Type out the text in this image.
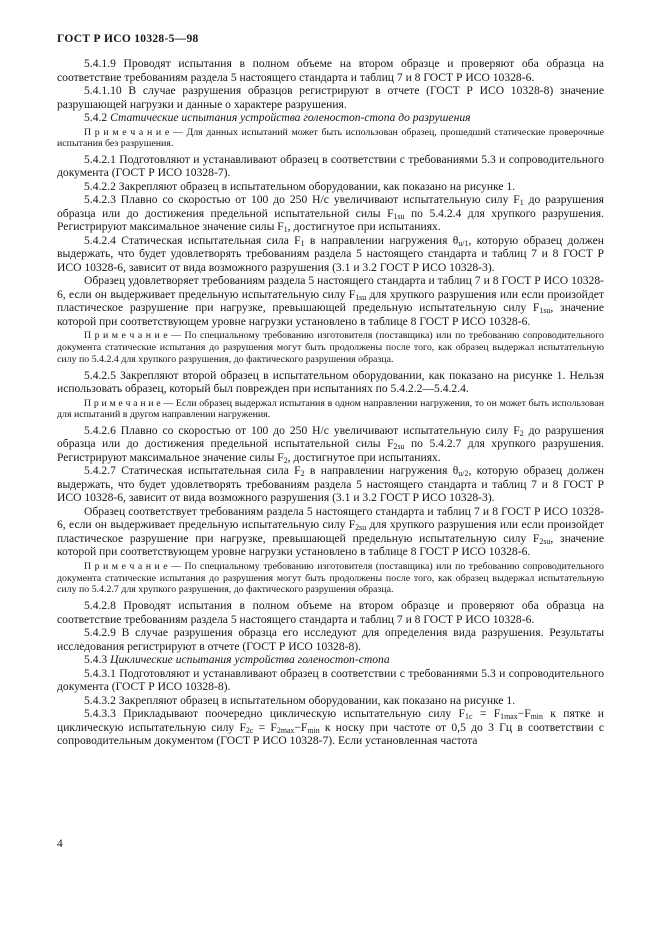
ГОСТ Р ИСО 10328-5—98

5.4.1.9 Проводят испытания в полном объеме на втором образце и проверяют оба образца на соответствие требованиям раздела 5 настоящего стандарта и таблиц 7 и 8 ГОСТ Р ИСО 10328-6.

5.4.1.10 В случае разрушения образцов регистрируют в отчете (ГОСТ Р ИСО 10328-8) значение разрушающей нагрузки и данные о характере разрушения.

5.4.2 Статические испытания устройства голеностоп-стопа до разрушения

П р и м е ч а н и е — Для данных испытаний может быть использован образец, прошедший статические проверочные испытания без разрушения.

5.4.2.1 Подготовляют и устанавливают образец в соответствии с требованиями 5.3 и сопроводительного документа (ГОСТ Р ИСО 10328-7).

5.4.2.2 Закрепляют образец в испытательном оборудовании, как показано на рисунке 1.

5.4.2.3 Плавно со скоростью от 100 до 250 Н/с увеличивают испытательную силу $F_1$ до разрушения образца или до достижения предельной испытательной силы $F_{1su}$ по 5.4.2.4 для хрупкого разрушения. Регистрируют максимальное значение силы $F_1$, достигнутое при испытаниях.

5.4.2.4 Статическая испытательная сила $F_1$ в направлении нагружения $\theta_{u/1}$, которую образец должен выдержать, что будет удовлетворять требованиям раздела 5 настоящего стандарта и таблиц 7 и 8 ГОСТ Р ИСО 10328-6, зависит от вида возможного разрушения (3.1 и 3.2 ГОСТ Р ИСО 10328-3).

Образец удовлетворяет требованиям раздела 5 настоящего стандарта и таблиц 7 и 8 ГОСТ Р ИСО 10328-6, если он выдерживает предельную испытательную силу $F_{1su}$ для хрупкого разрушения или если произойдет пластическое разрушение при нагрузке, превышающей предельную испытательную силу $F_{1su}$, значение которой при соответствующем уровне нагрузки установлено в таблице 8 ГОСТ Р ИСО 10328-6.

П р и м е ч а н и е — По специальному требованию изготовителя (поставщика) или по требованию сопроводительного документа статические испытания до разрушения могут быть продолжены после того, как образец выдержал испытательную силу по 5.4.2.4 для хрупкого разрушения, до фактического разрушения образца.

5.4.2.5 Закрепляют второй образец в испытательном оборудовании, как показано на рисунке 1. Нельзя использовать образец, который был поврежден при испытаниях по 5.4.2.2—5.4.2.4.

П р и м е ч а н и е — Если образец выдержал испытания в одном направлении нагружения, то он может быть использован для испытаний в другом направлении нагружения.

5.4.2.6 Плавно со скоростью от 100 до 250 Н/с увеличивают испытательную силу $F_2$ до разрушения образца или до достижения предельной испытательной силы $F_{2su}$ по 5.4.2.7 для хрупкого разрушения. Регистрируют максимальное значение силы $F_2$, достигнутое при испытаниях.

5.4.2.7 Статическая испытательная сила $F_2$ в направлении нагружения $\theta_{u/2}$, которую образец должен выдержать, что будет удовлетворять требованиям раздела 5 настоящего стандарта и таблиц 7 и 8 ГОСТ Р ИСО 10328-6, зависит от вида возможного разрушения (3.1 и 3.2 ГОСТ Р ИСО 10328-3).

Образец соответствует требованиям раздела 5 настоящего стандарта и таблиц 7 и 8 ГОСТ Р ИСО 10328-6, если он выдерживает предельную испытательную силу $F_{2su}$ для хрупкого разрушения или если произойдет пластическое разрушение при нагрузке, превышающей предельную испытательную силу $F_{2su}$, значение которой при соответствующем уровне нагрузки установлено в таблице 8 ГОСТ Р ИСО 10328-6.

П р и м е ч а н и е — По специальному требованию изготовителя (поставщика) или по требованию сопроводительного документа статические испытания до разрушения могут быть продолжены после того, как образец выдержал испытательную силу по 5.4.2.7 для хрупкого разрушения, до фактического разрушения образца.

5.4.2.8 Проводят испытания в полном объеме на втором образце и проверяют оба образца на соответствие требованиям раздела 5 настоящего стандарта и таблиц 7 и 8 ГОСТ Р ИСО 10328-6.

5.4.2.9 В случае разрушения образца его исследуют для определения вида разрушения. Результаты исследования регистрируют в отчете (ГОСТ Р ИСО 10328-8).

5.4.3 Циклические испытания устройства голеностоп-стопа

5.4.3.1 Подготовляют и устанавливают образец в соответствии с требованиями 5.3 и сопроводительного документа (ГОСТ Р ИСО 10328-8).

5.4.3.2 Закрепляют образец в испытательном оборудовании, как показано на рисунке 1.

5.4.3.3 Прикладывают поочередно циклическую испытательную силу $F_{1c} = F_{1max}-F_{min}$ к пятке и циклическую испытательную силу $F_{2c} = F_{2max}-F_{min}$ к носку при частоте от 0,5 до 3 Гц в соответствии с сопроводительным документом (ГОСТ Р ИСО 10328-7). Если установленная частота

4
